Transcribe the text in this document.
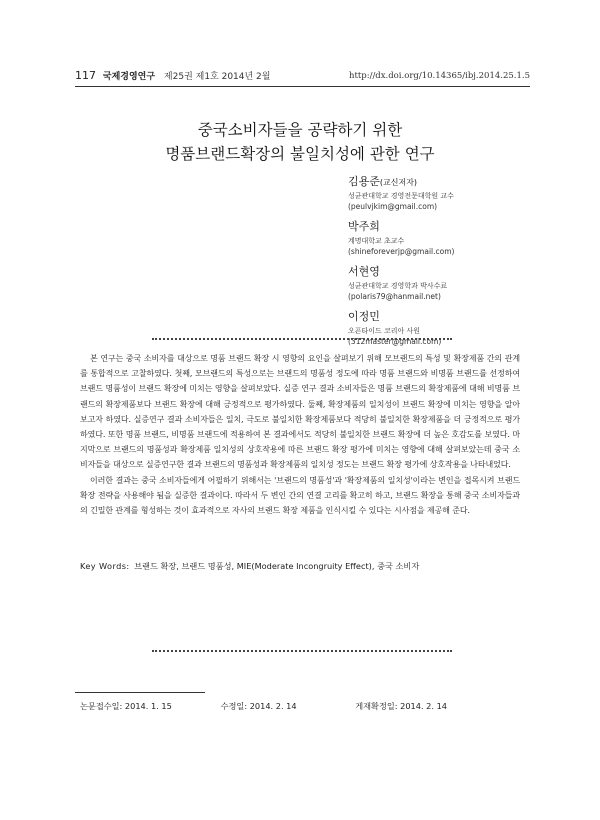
117 국제경영연구 제25권 제1호 2014년 2월	http://dx.doi.org/10.14365/ibj.2014.25.1.5
중국소비자들을 공략하기 위한
명품브랜드확장의 불일치성에 관한 연구
김용준(교신저자)
성균관대학교 경영전문대학원 교수
(peulvjkim@gmail.com)
박주희
계명대학교 초교수
(shineforeverjp@gmail.com)
서현영
성균관대학교 경영학과 박사수료
(polaris79@hanmail.net)
이정민
오픈타이드 코리아 사원
(312master@gmail.com)

본 연구는 중국 소비자를 대상으로 명품 브랜드 확장 시 영향의 요인을 살펴보기 위해 모브랜드의 특성 및 확장제품 간의 관계를 통합적으로 고찰하였다. 첫째, 모브랜드의 특성으로는 브랜드의 명품성 정도에 따라 명품 브랜드와 비명품 브랜드를 선정하여 브랜드 명품성이 브랜드 확장에 미치는 영향을 살펴보았다. 실증 연구 결과 소비자들은 명품 브랜드의 확장제품에 대해 비명품 브랜드의 확장제품보다 브랜드 확장에 대해 긍정적으로 평가하였다. 둘째, 확장제품의 일치성이 브랜드 확장에 미치는 영향을 알아보고자 하였다. 실증연구 결과 소비자들은 일치, 극도로 불일치한 확장제품보다 적당히 불일치한 확장제품을 더 긍정적으로 평가하였다. 또한 명품 브랜드, 비명품 브랜드에 적용하여 본 결과에서도 적당히 불일치한 브랜드 확장에 더 높은 호감도를 보였다. 마지막으로 브랜드의 명품성과 확장제품 일치성의 상호작용에 따른 브랜드 확장 평가에 미치는 영향에 대해 살펴보았는데 중국 소비자들을 대상으로 실증연구한 결과 브랜드의 명품성과 확장제품의 일치성 정도는 브랜드 확장 평가에 상호작용을 나타내었다.

이러한 결과는 중국 소비자들에게 어필하기 위해서는 '브랜드의 명품성'과 '확장제품의 일치성'이라는 변인을 접목시켜 브랜드 확장 전략을 사용해야 됨을 실증한 결과이다. 따라서 두 변인 간의 연결 고리를 확고히 하고, 브랜드 확장을 통해 중국 소비자들과의 긴밀한 관계를 형성하는 것이 효과적으로 자사의 브랜드 확장 제품을 인식시킬 수 있다는 시사점을 제공해 준다.

Key Words: 브랜드 확장, 브랜드 명품성, MIE(Moderate Incongruity Effect), 중국 소비자
논문접수일: 2014. 1. 15	수정일: 2014. 2. 14	게재확정일: 2014. 2. 14
